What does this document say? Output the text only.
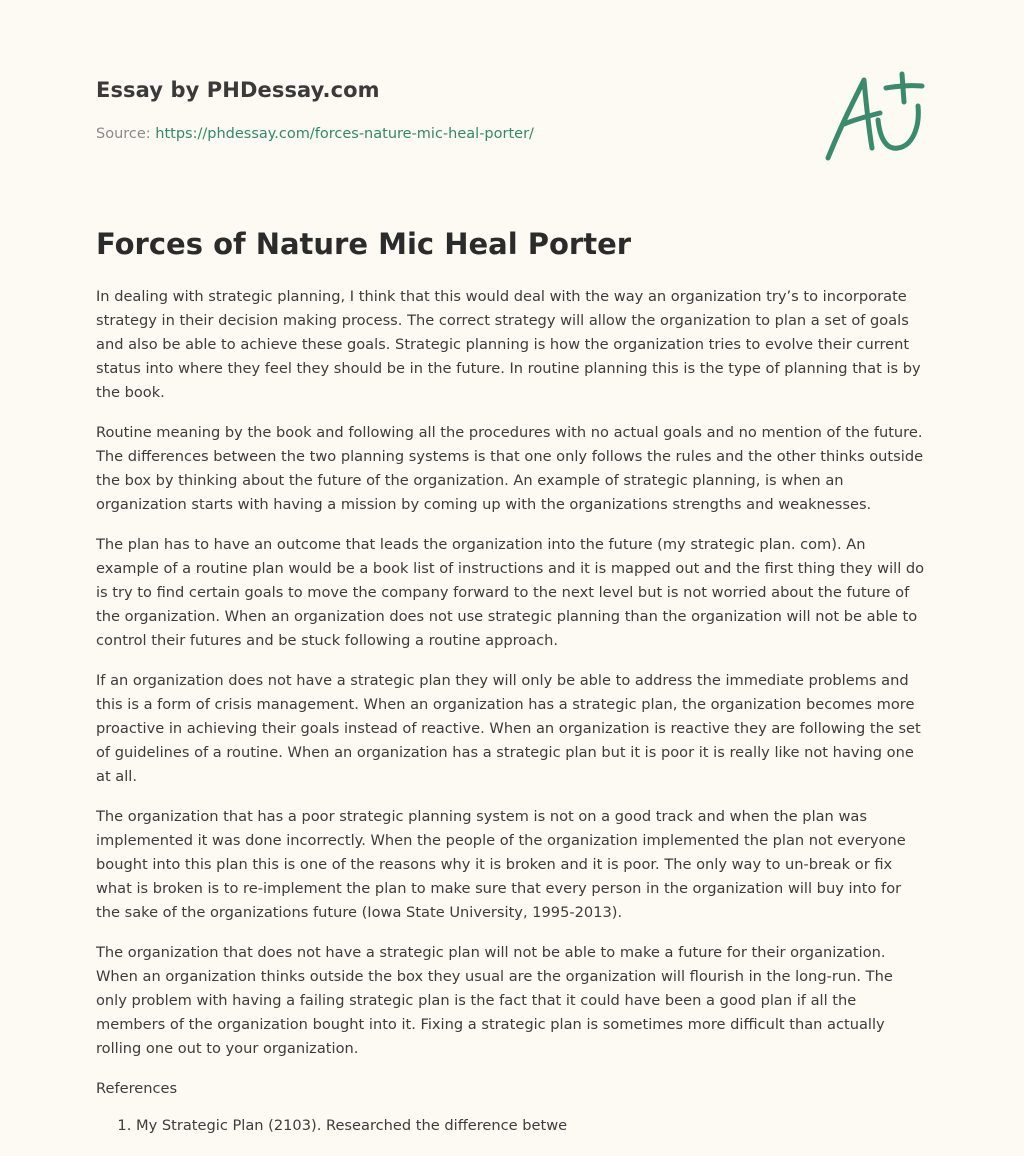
Essay by PHDessay.com
Source: https://phdessay.com/forces-nature-mic-heal-porter/
Forces of Nature Mic Heal Porter

In dealing with strategic planning, I think that this would deal with the way an organization try’s to incorporate strategy in their decision making process. The correct strategy will allow the organization to plan a set of goals and also be able to achieve these goals. Strategic planning is how the organization tries to evolve their current status into where they feel they should be in the future. In routine planning this is the type of planning that is by the book.

Routine meaning by the book and following all the procedures with no actual goals and no mention of the future. The differences between the two planning systems is that one only follows the rules and the other thinks outside the box by thinking about the future of the organization. An example of strategic planning, is when an organization starts with having a mission by coming up with the organizations strengths and weaknesses.

The plan has to have an outcome that leads the organization into the future (my strategic plan. com). An example of a routine plan would be a book list of instructions and it is mapped out and the first thing they will do is try to find certain goals to move the company forward to the next level but is not worried about the future of the organization. When an organization does not use strategic planning than the organization will not be able to control their futures and be stuck following a routine approach.

If an organization does not have a strategic plan they will only be able to address the immediate problems and this is a form of crisis management. When an organization has a strategic plan, the organization becomes more proactive in achieving their goals instead of reactive. When an organization is reactive they are following the set of guidelines of a routine. When an organization has a strategic plan but it is poor it is really like not having one at all.

The organization that has a poor strategic planning system is not on a good track and when the plan was implemented it was done incorrectly. When the people of the organization implemented the plan not everyone bought into this plan this is one of the reasons why it is broken and it is poor. The only way to un-break or fix what is broken is to re-implement the plan to make sure that every person in the organization will buy into for the sake of the organizations future (Iowa State University, 1995-2013).

The organization that does not have a strategic plan will not be able to make a future for their organization. When an organization thinks outside the box they usual are the organization will flourish in the long-run. The only problem with having a failing strategic plan is the fact that it could have been a good plan if all the members of the organization bought into it. Fixing a strategic plan is sometimes more difficult than actually rolling one out to your organization.

References
1. My Strategic Plan (2103). Researched the difference betwe
